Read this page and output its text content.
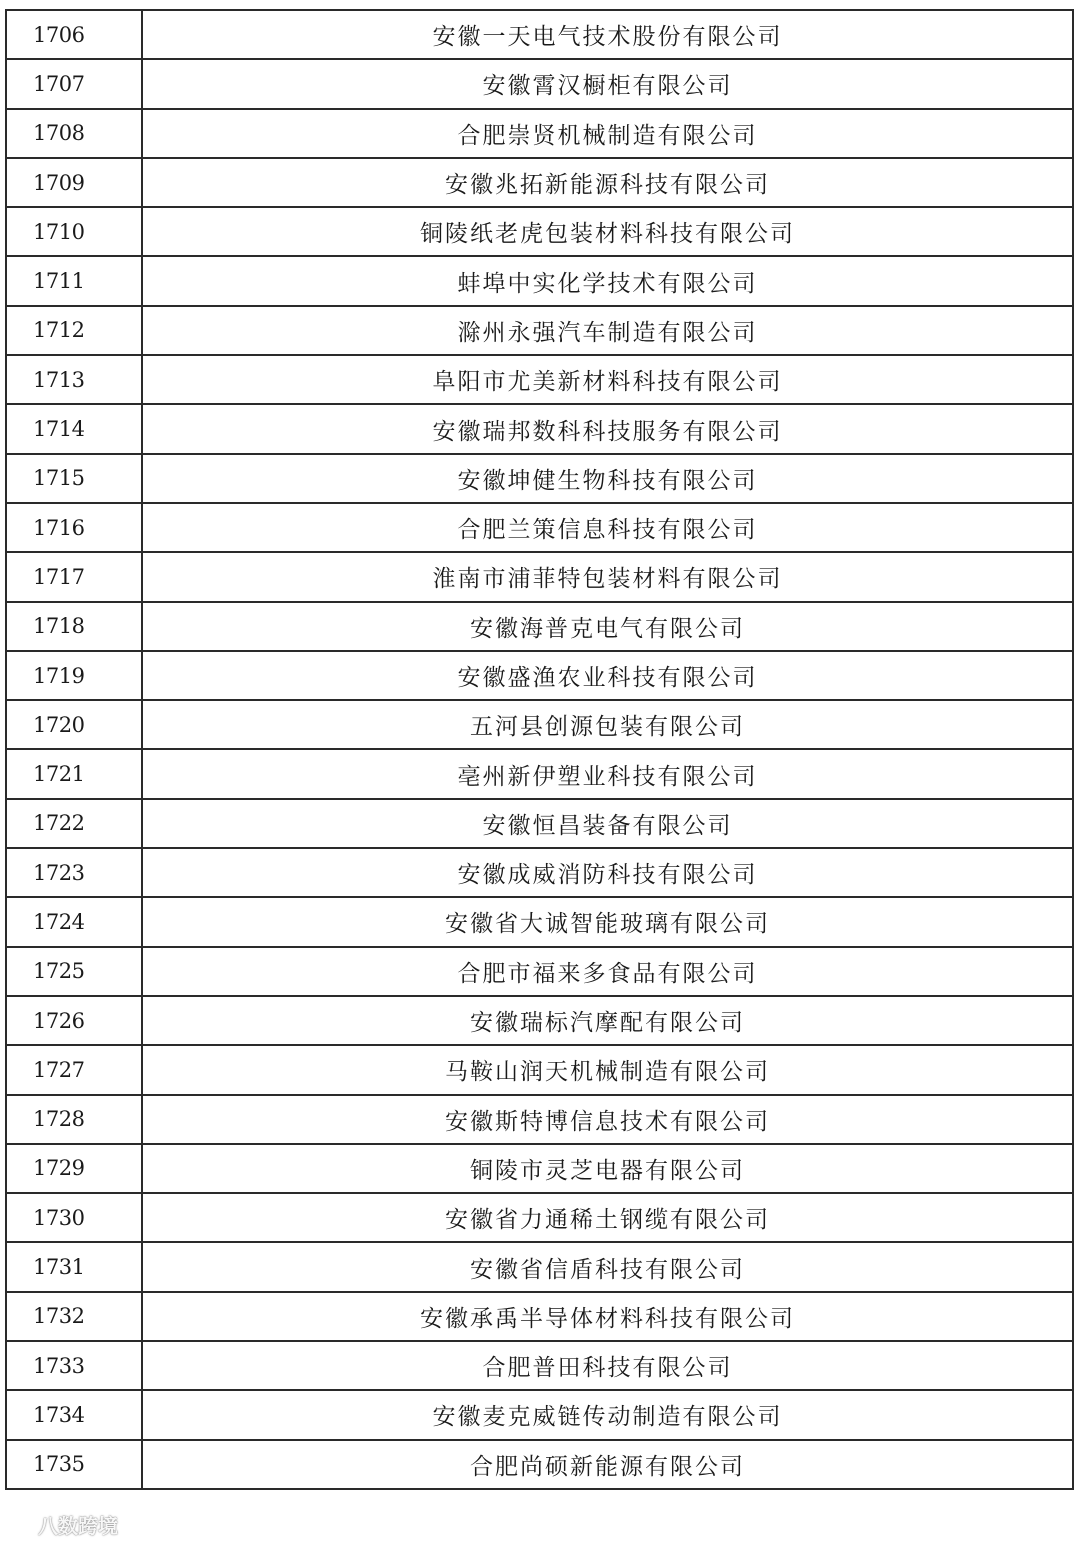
1706	安徽一天电气技术股份有限公司
1707	安徽霄汉橱柜有限公司
1708	合肥崇贤机械制造有限公司
1709	安徽兆拓新能源科技有限公司
1710	铜陵纸老虎包装材料科技有限公司
1711	蚌埠中实化学技术有限公司
1712	滁州永强汽车制造有限公司
1713	阜阳市尤美新材料科技有限公司
1714	安徽瑞邦数科科技服务有限公司
1715	安徽坤健生物科技有限公司
1716	合肥兰策信息科技有限公司
1717	淮南市浦菲特包装材料有限公司
1718	安徽海普克电气有限公司
1719	安徽盛渔农业科技有限公司
1720	五河县创源包装有限公司
1721	亳州新伊塑业科技有限公司
1722	安徽恒昌装备有限公司
1723	安徽成威消防科技有限公司
1724	安徽省大诚智能玻璃有限公司
1725	合肥市福来多食品有限公司
1726	安徽瑞标汽摩配有限公司
1727	马鞍山润天机械制造有限公司
1728	安徽斯特博信息技术有限公司
1729	铜陵市灵芝电器有限公司
1730	安徽省力通稀土钢缆有限公司
1731	安徽省信盾科技有限公司
1732	安徽承禹半导体材料科技有限公司
1733	合肥普田科技有限公司
1734	安徽麦克威链传动制造有限公司
1735	合肥尚硕新能源有限公司
八数跨境
